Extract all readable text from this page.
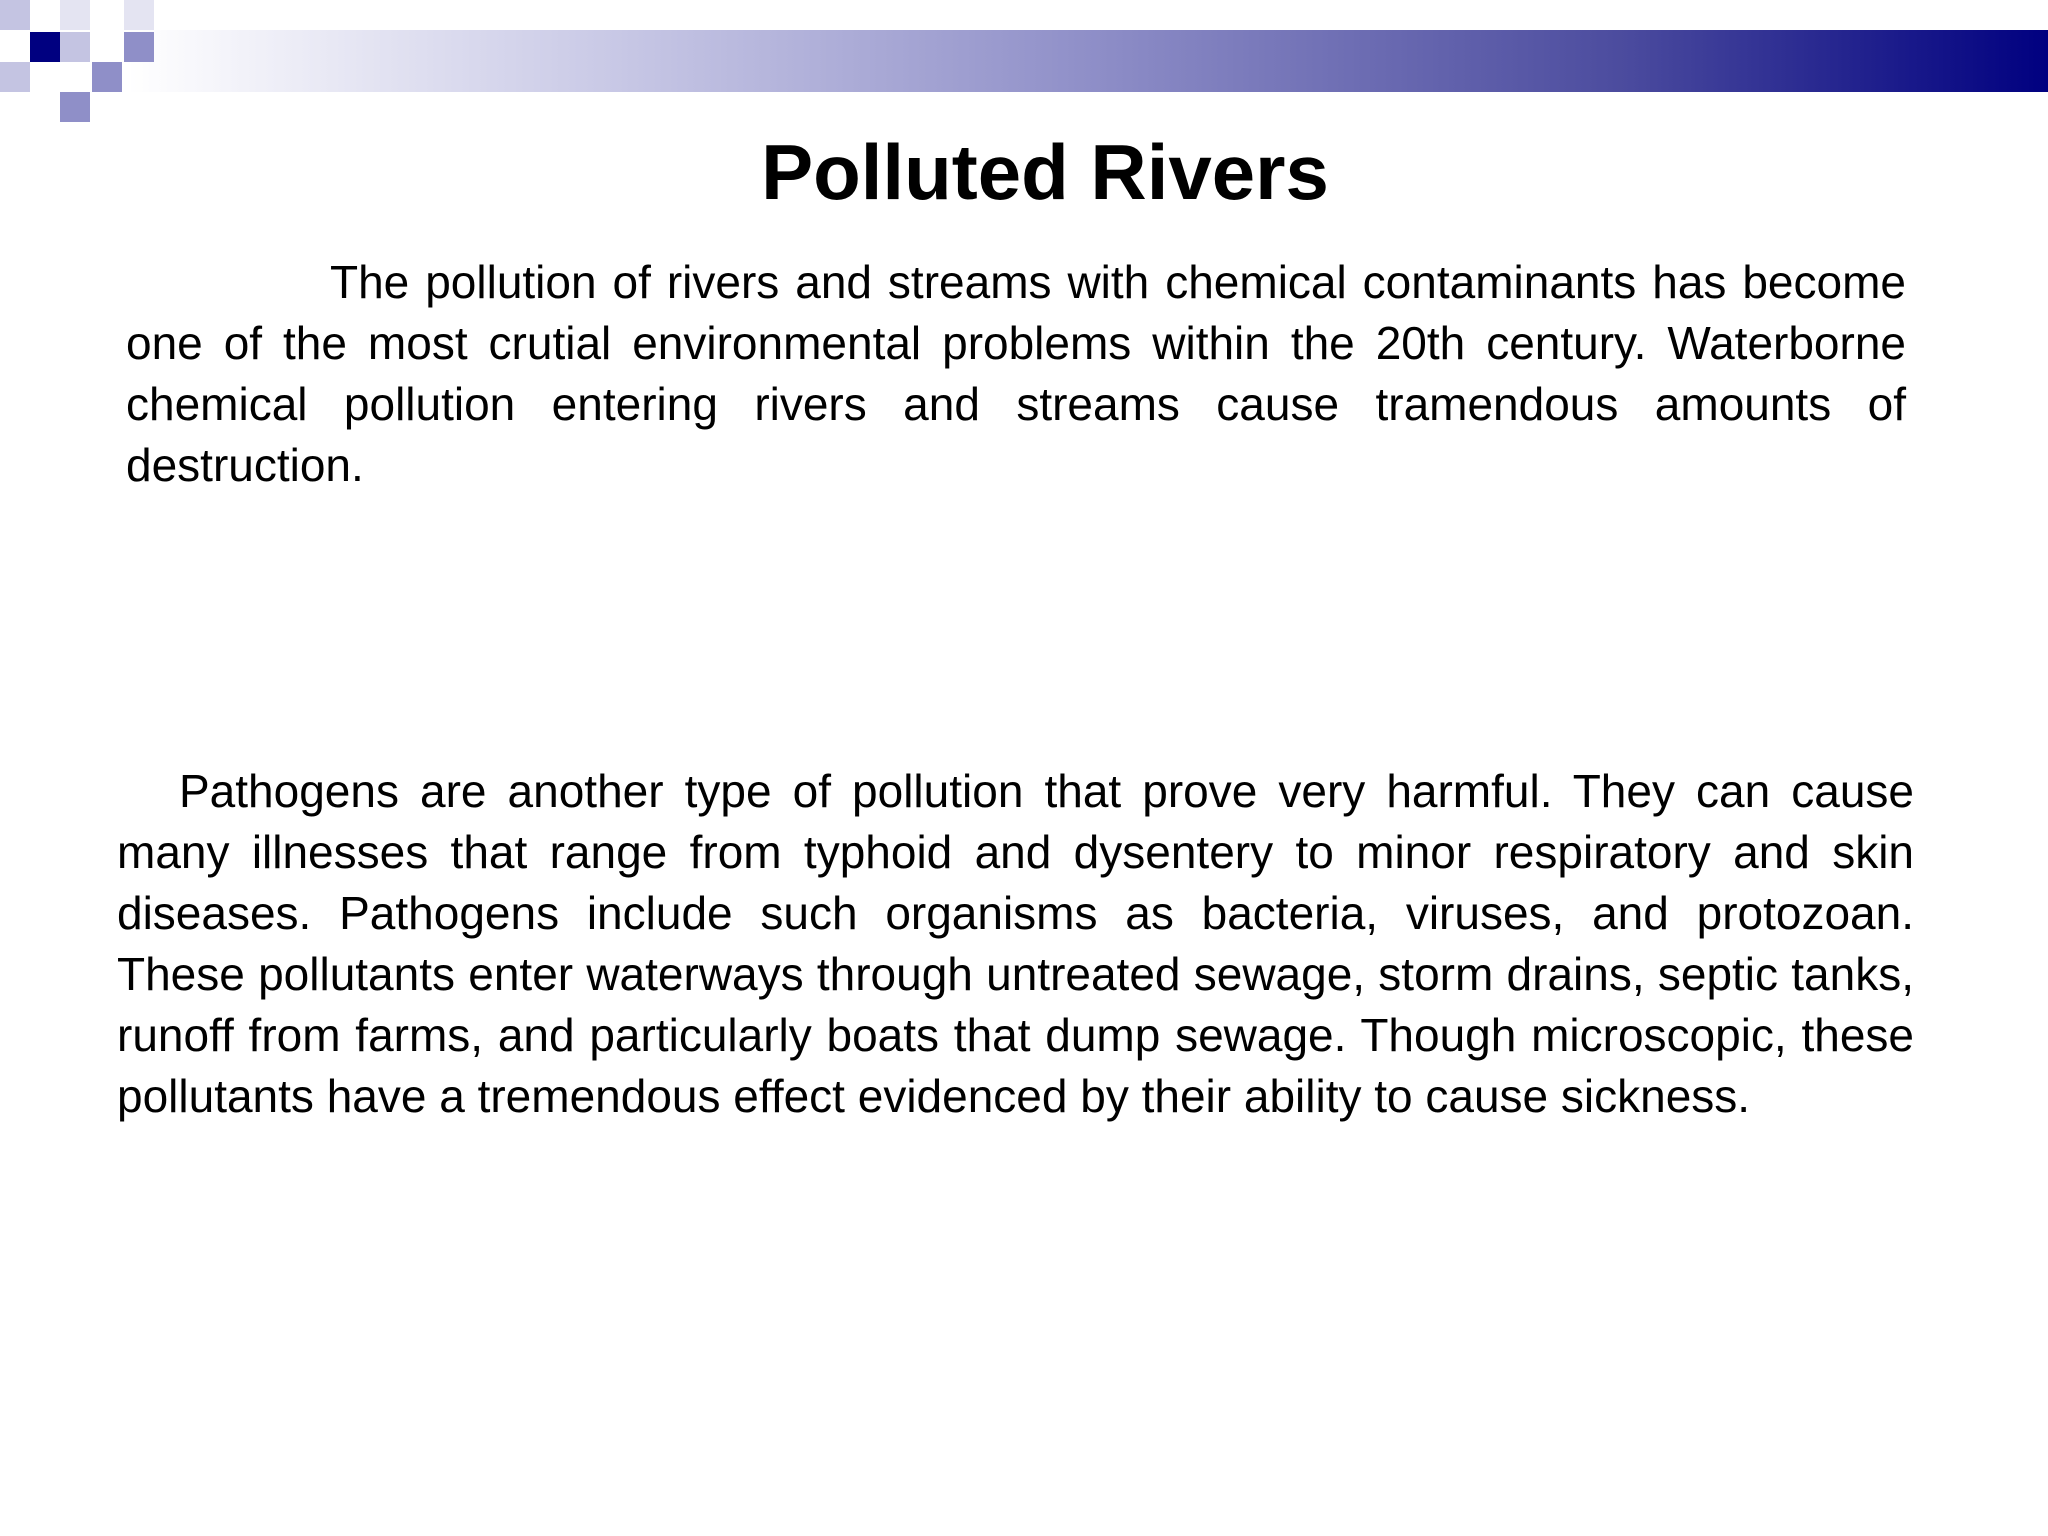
Polluted Rivers

The pollution of rivers and streams with chemical contaminants has become one of the most crutial environmental problems within the 20th century. Waterborne chemical pollution entering rivers and streams cause tramendous amounts of destruction.

Pathogens are another type of pollution that prove very harmful. They can cause many illnesses that range from typhoid and dysentery to minor respiratory and skin diseases. Pathogens include such organisms as bacteria, viruses, and protozoan. These pollutants enter waterways through untreated sewage, storm drains, septic tanks, runoff from farms, and particularly boats that dump sewage. Though microscopic, these pollutants have a tremendous effect evidenced by their ability to cause sickness.
